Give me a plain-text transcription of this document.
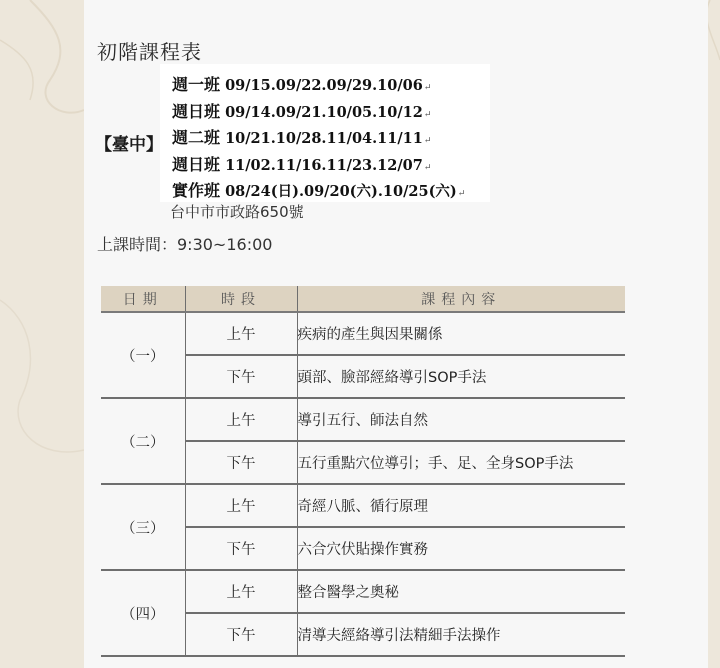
初階課程表
【臺中】
週一班 09/15.09/22.09/29.10/06↵
週日班 09/14.09/21.10/05.10/12↵
週二班 10/21.10/28.11/04.11/11↵
週日班 11/02.11/16.11/23.12/07↵
實作班 08/24(日).09/20(六).10/25(六)↵
台中市市政路650號
上課時間：9:30~16:00
日期	時段	課程內容
（一）	上午	疾病的產生與因果關係
	下午	頭部、臉部經絡導引SOP手法
（二）	上午	導引五行、師法自然
	下午	五行重點穴位導引；手、足、全身SOP手法
（三）	上午	奇經八脈、循行原理
	下午	六合穴伏貼操作實務
（四）	上午	整合醫學之奧秘
	下午	清導夫經絡導引法精細手法操作
